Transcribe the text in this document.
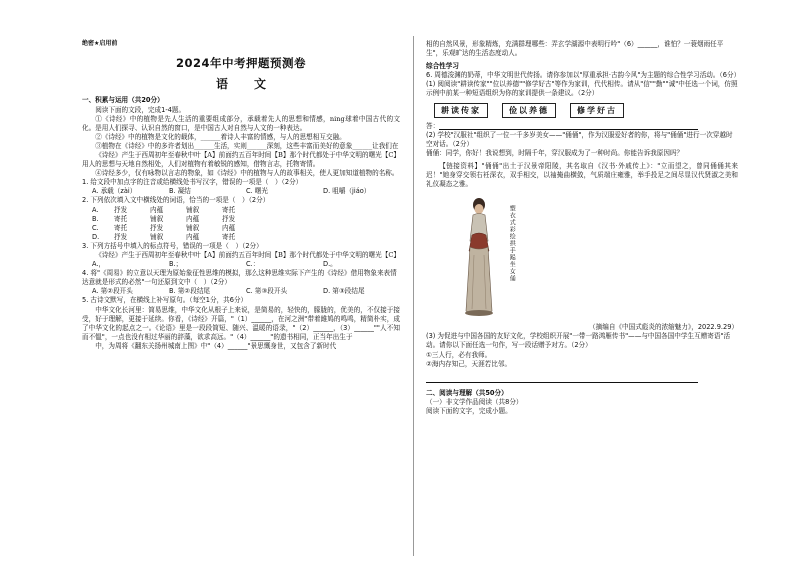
绝密★启用前
2024年中考押题预测卷
语文
一、积累与运用（共20分）
阅读下面的文段，完成1-4题。
①《诗经》中的植物是先人生活的重要组成部分，承载着先人的思想和情感，ning球着中国古代的文化。是用人们探寻、认识自然的窗口，是中国古人对自然与人文的一种表达。
②《诗经》中的植物是文化的载体，______着诗人丰富的情感，与人的思想相互交融。
③植物在《诗经》中的多许者划出______生活，实则______深刻，这些丰富而美好的意象______让我们在
《诗经》产生于西周初年至春秋中叶【A】前面约五百年时间【B】那个时代都处于中华文明的曙光【C】用人的思想与天地自然相处，人们对植物有着敏锐的感知，借物言志，托物寄情。
④诗经多少，仅有咏物以言志的物象，如《诗经》中的植物与人的故事相关，使人更加知道植物的名称。
1. 给文段中加点字的注音或给横线处书写汉字，错误的一项是（　）（2分）
A. 承载（zài）	B. 凝结	C. 曙光	D. 咀嚼（jiáo）
2. 下列依次填入文中横线处的词语，恰当的一项是（　）（2分）
A.	抒发	内蕴	铺叙	寄托
B.	寄托	铺叙	内蕴	抒发
C.	寄托	抒发	铺叙	内蕴
D.	抒发	铺叙	内蕴	寄托
3. 下列方括号中填入的标点符号，错误的一项是（　）（2分）
《诗经》产生于西周初年至春秋中叶【A】前面约五百年时间【B】那个时代都处于中华文明的曙光【C】
A.，	B.；	C.：	D.。
4. 将"《周易》的立意以天理为原始象征性思维的模拟，那么这种思维实际下产生的《诗经》借用物象来表情达意就是形式的必然"一句还原到文中（　）（2分）
A. 第②段开头	B. 第②段结尾	C. 第③段开头	D. 第③段结尾
5. 古诗文默写，在横线上补写原句。（每空1分，共6分）
中华文化长河里：简易思维，中华文化从根子上来说，是简易的，轻快的，朦胧的，优美的，不仅接于接受，好于理解，更接于延续。你看，《诗经》开篇，"（1）______，在河之洲"带着雎鸠的鸣鸣，精简朴实，成了中华文化的起点之一。《论语》里是一段段简短、随兴、温暖的语录，"（2）______，（3）______""人不知而不愠"，一点也没有相过华丽的辞藻，欲求高远。"（4）______"的遗书相同，正当年出生于
中，为周将《翻东关扬州城南上图》中"（4）______"景思慨身世，又包含了新时代
相的自然风景，形象精炼，充满群理哪些：弄玄学湖源中表明行吟"（6）______，谁怕？一蓑烟雨任平生"，乐观旷达的生活态度动人。
综合性学习
6. 周德浚渊的奶蒂，中华文明世代传扬。请你参加以"厚重承担·古韵今风"为主题的综合性学习活动。（6分）
(1) 阅阅读"耕读传家""位以养德""修学好古"等作为家训，代代相传。请从"信""勤""诚"中任选一个词，仿照示例中前某一种短语组织为你的家训提供一条建议。（2分）
耕读传家	俭以养德	修学好古
答：
(2) 学校"汉服社"组织了一位一千多岁美女——"俑俑"，作为汉服爱好者的你，将与"俑俑"进行一次穿越时空对话。（2分）
俑俑：同学，你好！我说想到，时隔千年，穿汉服成为了一种时尚。你能告诉我原因吗？
【链接资料】"俑俑"出土于汉景帝阳陵，其名取自《汉书·外戚传上》："立而望之，曾同俑俑其来迟！"她身穿交领右衽深衣，双手相交，以袖掩曲横敛，气质端庄雍雅，举手投足之间尽显汉代贤淑之美和礼仪凝态之雅。
塑衣式彩绘拱手跽坐女俑
（摘编自《中国式彪炎的浓缩魅力》，2022.9.29）
(3) 为促进与中国各国的友好文化，学校组织开展"一带一路鸿雁传书"——与中国各国中学生互赠寄语"活动。请你以下面任选一句作，写一段话赠予对方。（2分）
①三人行，必有我师。
②海内存知己，天涯若比邻。
二、阅读与理解（共50分）
（一）非文学作品阅读（共8分）
阅读下面的文字，完成小题。
